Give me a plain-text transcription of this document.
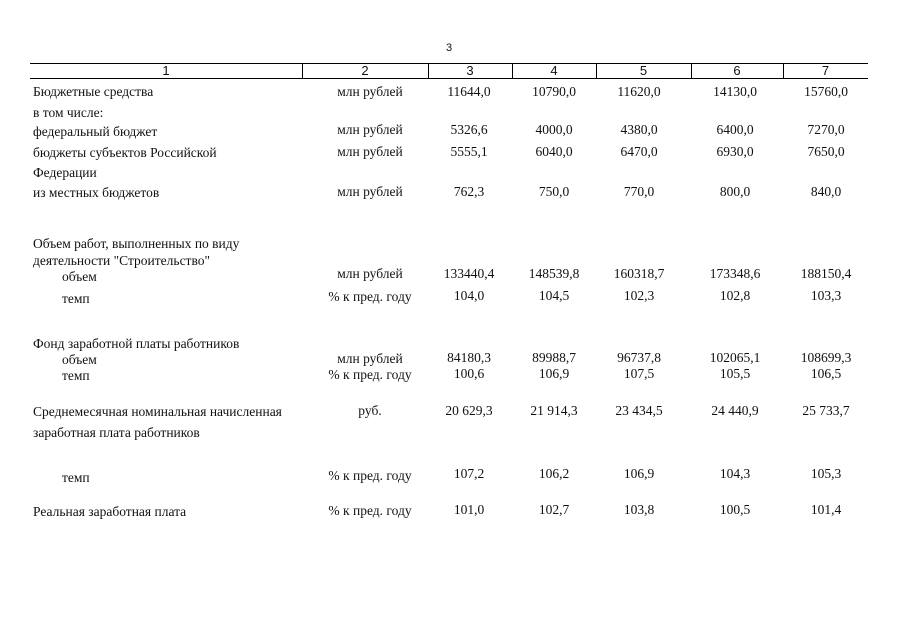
3
1	2	3	4	5	6	7
Бюджетные средства	млн рублей	11644,0	10790,0	11620,0	14130,0	15760,0
в том числе:
федеральный бюджет	млн рублей	5326,6	4000,0	4380,0	6400,0	7270,0
бюджеты субъектов Российской
Федерации
млн рублей	5555,1	6040,0	6470,0	6930,0	7650,0
из местных бюджетов	млн рублей	762,3	750,0	770,0	800,0	840,0
Объем работ, выполненных по виду
деятельности "Строительство"
объем	млн рублей	133440,4	148539,8	160318,7	173348,6	188150,4
темп	% к пред. году	104,0	104,5	102,3	102,8	103,3
Фонд заработной платы работников
объем	млн рублей	84180,3	89988,7	96737,8	102065,1	108699,3
темп	% к пред. году	100,6	106,9	107,5	105,5	106,5
Среднемесячная номинальная начисленная
заработная плата работников
руб.	20 629,3	21 914,3	23 434,5	24 440,9	25 733,7
темп	% к пред. году	107,2	106,2	106,9	104,3	105,3
Реальная заработная плата	% к пред. году	101,0	102,7	103,8	100,5	101,4
